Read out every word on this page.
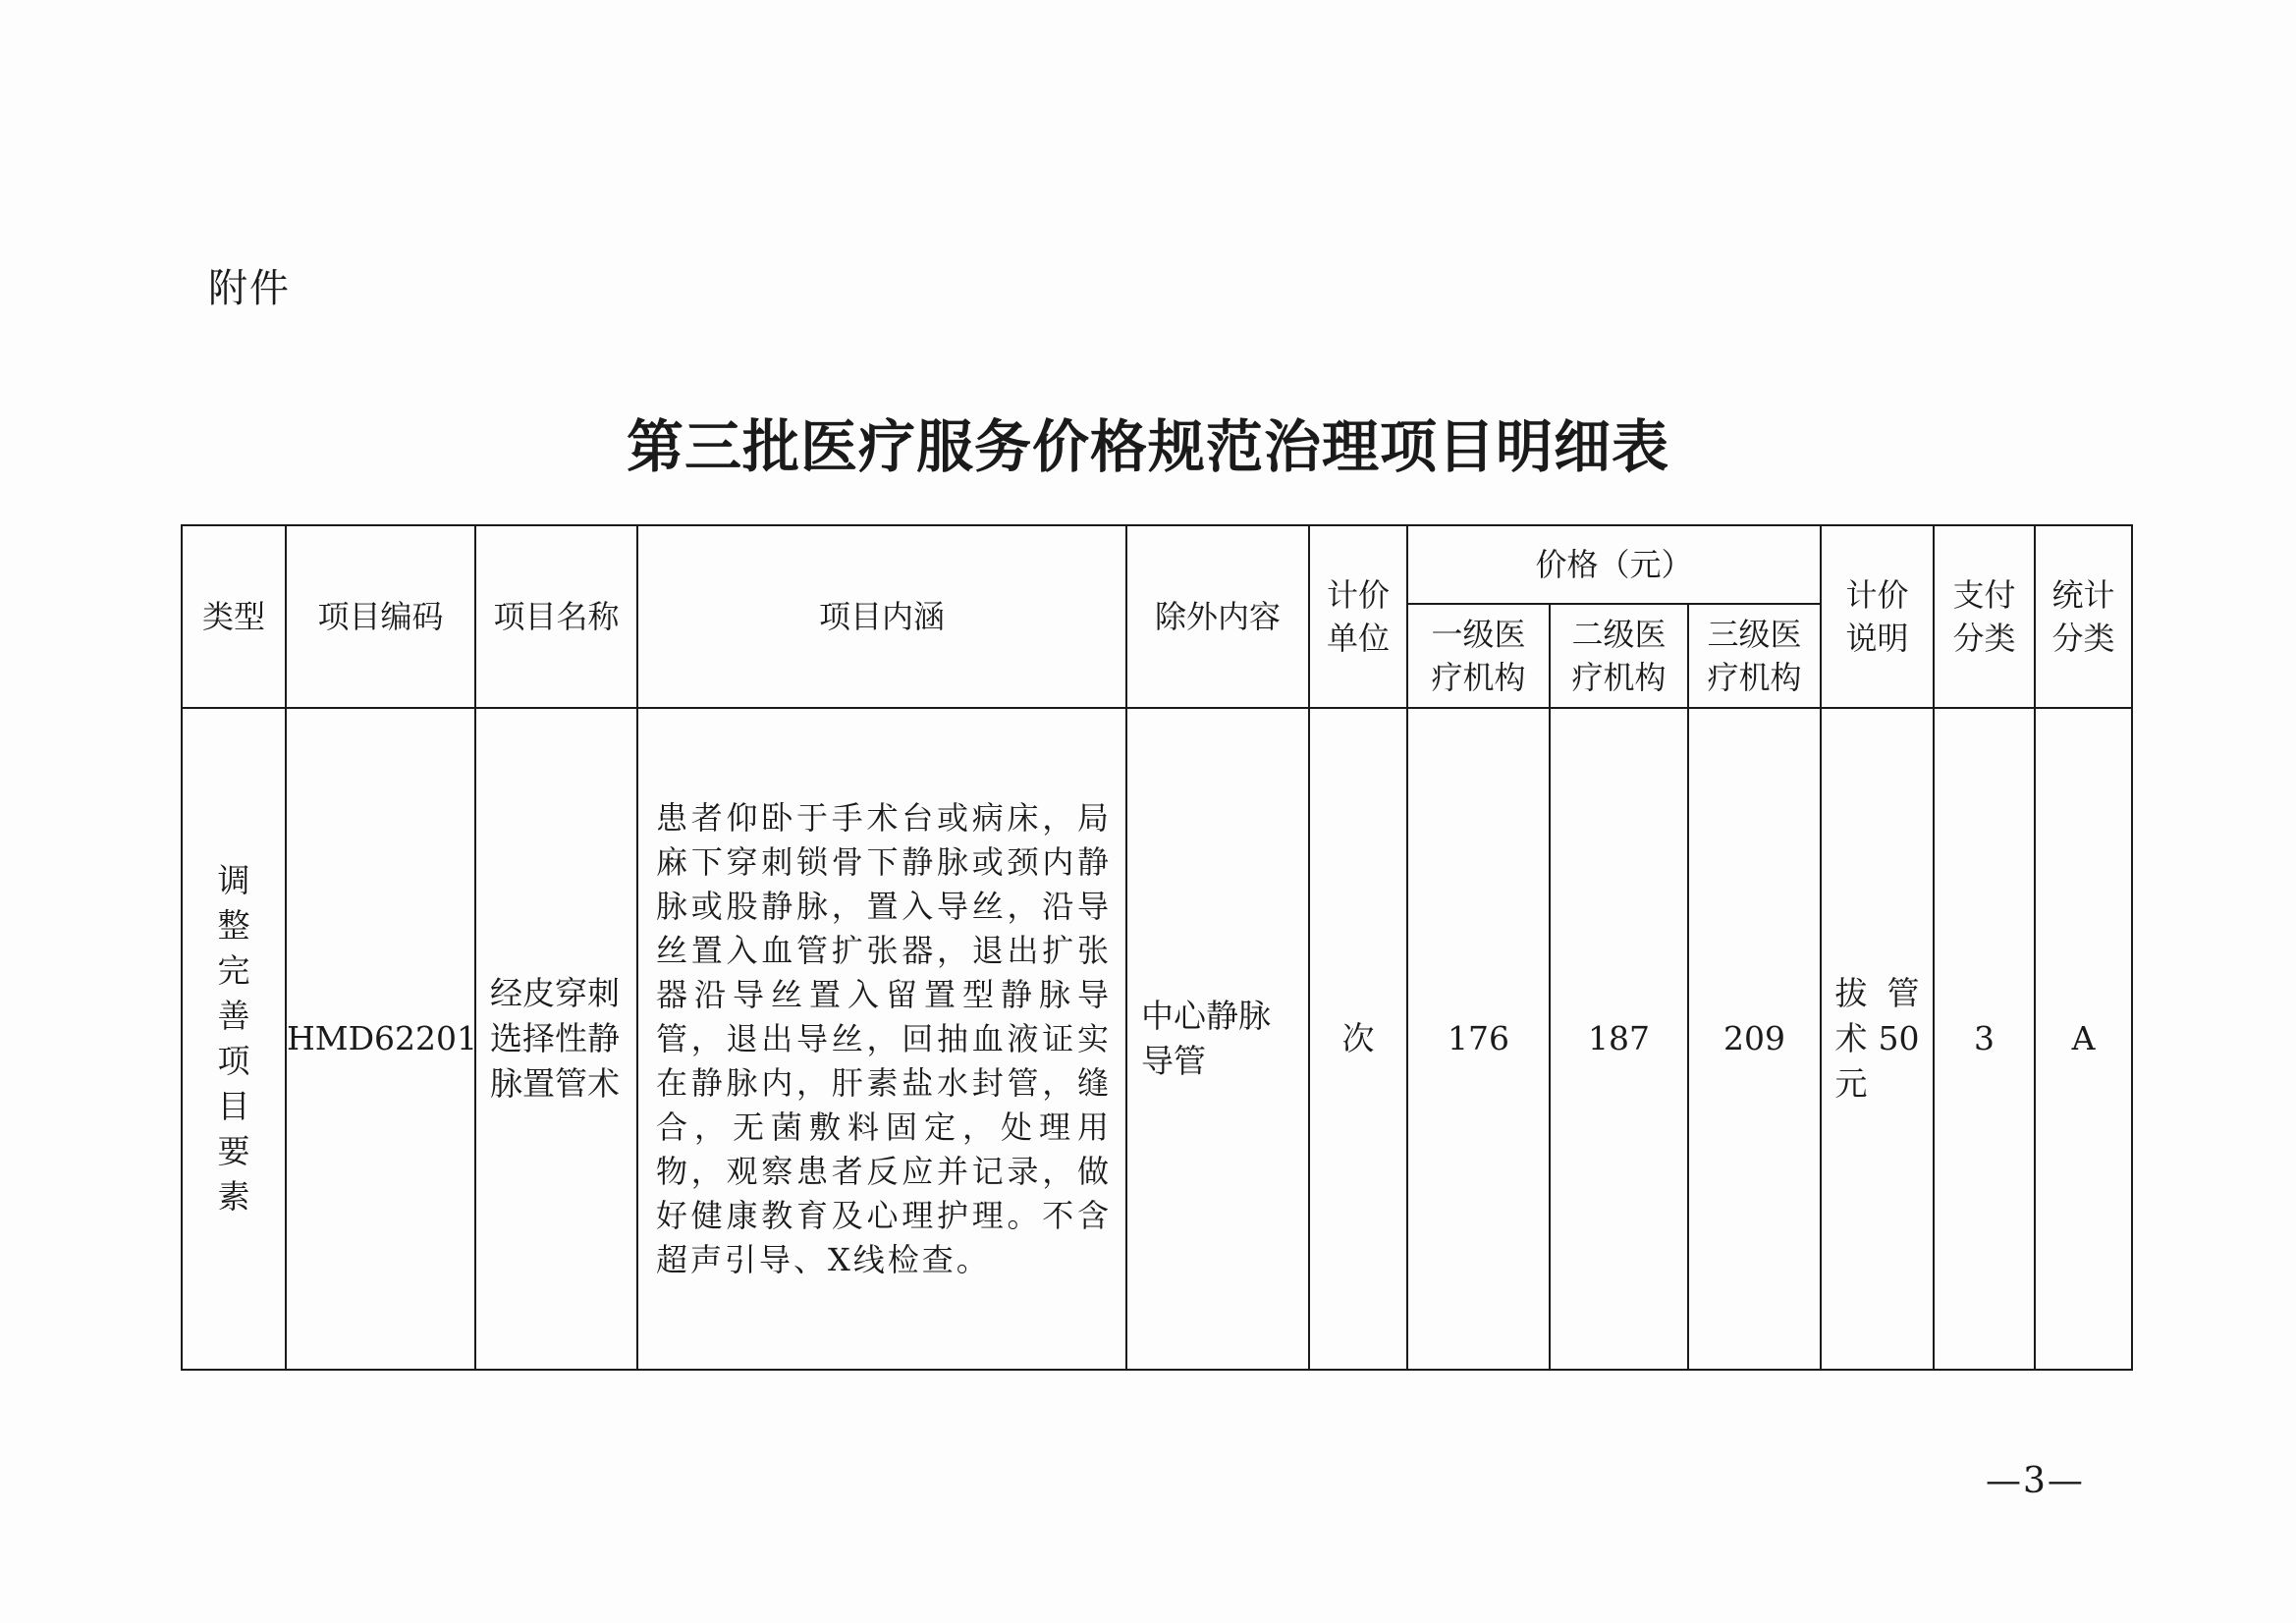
附件
第三批医疗服务价格规范治理项目明细表
类型	项目编码	项目名称	项目内涵	除外内容	计价单位	价格（元）			计价说明	支付分类	统计分类
						一级医疗机构	二级医疗机构	三级医疗机构			
调整完善项目要素	HMD62201	经皮穿刺选择性静脉置管术	患者仰卧于手术台或病床，局麻下穿刺锁骨下静脉或颈内静脉或股静脉，置入导丝，沿导丝置入血管扩张器，退出扩张器沿导丝置入留置型静脉导管，退出导丝，回抽血液证实在静脉内，肝素盐水封管，缝合，无菌敷料固定，处理用物，观察患者反应并记录，做好健康教育及心理护理。不含超声引导、X线检查。	中心静脉导管	次	176	187	209	拔管术50元	3	A
—3—
